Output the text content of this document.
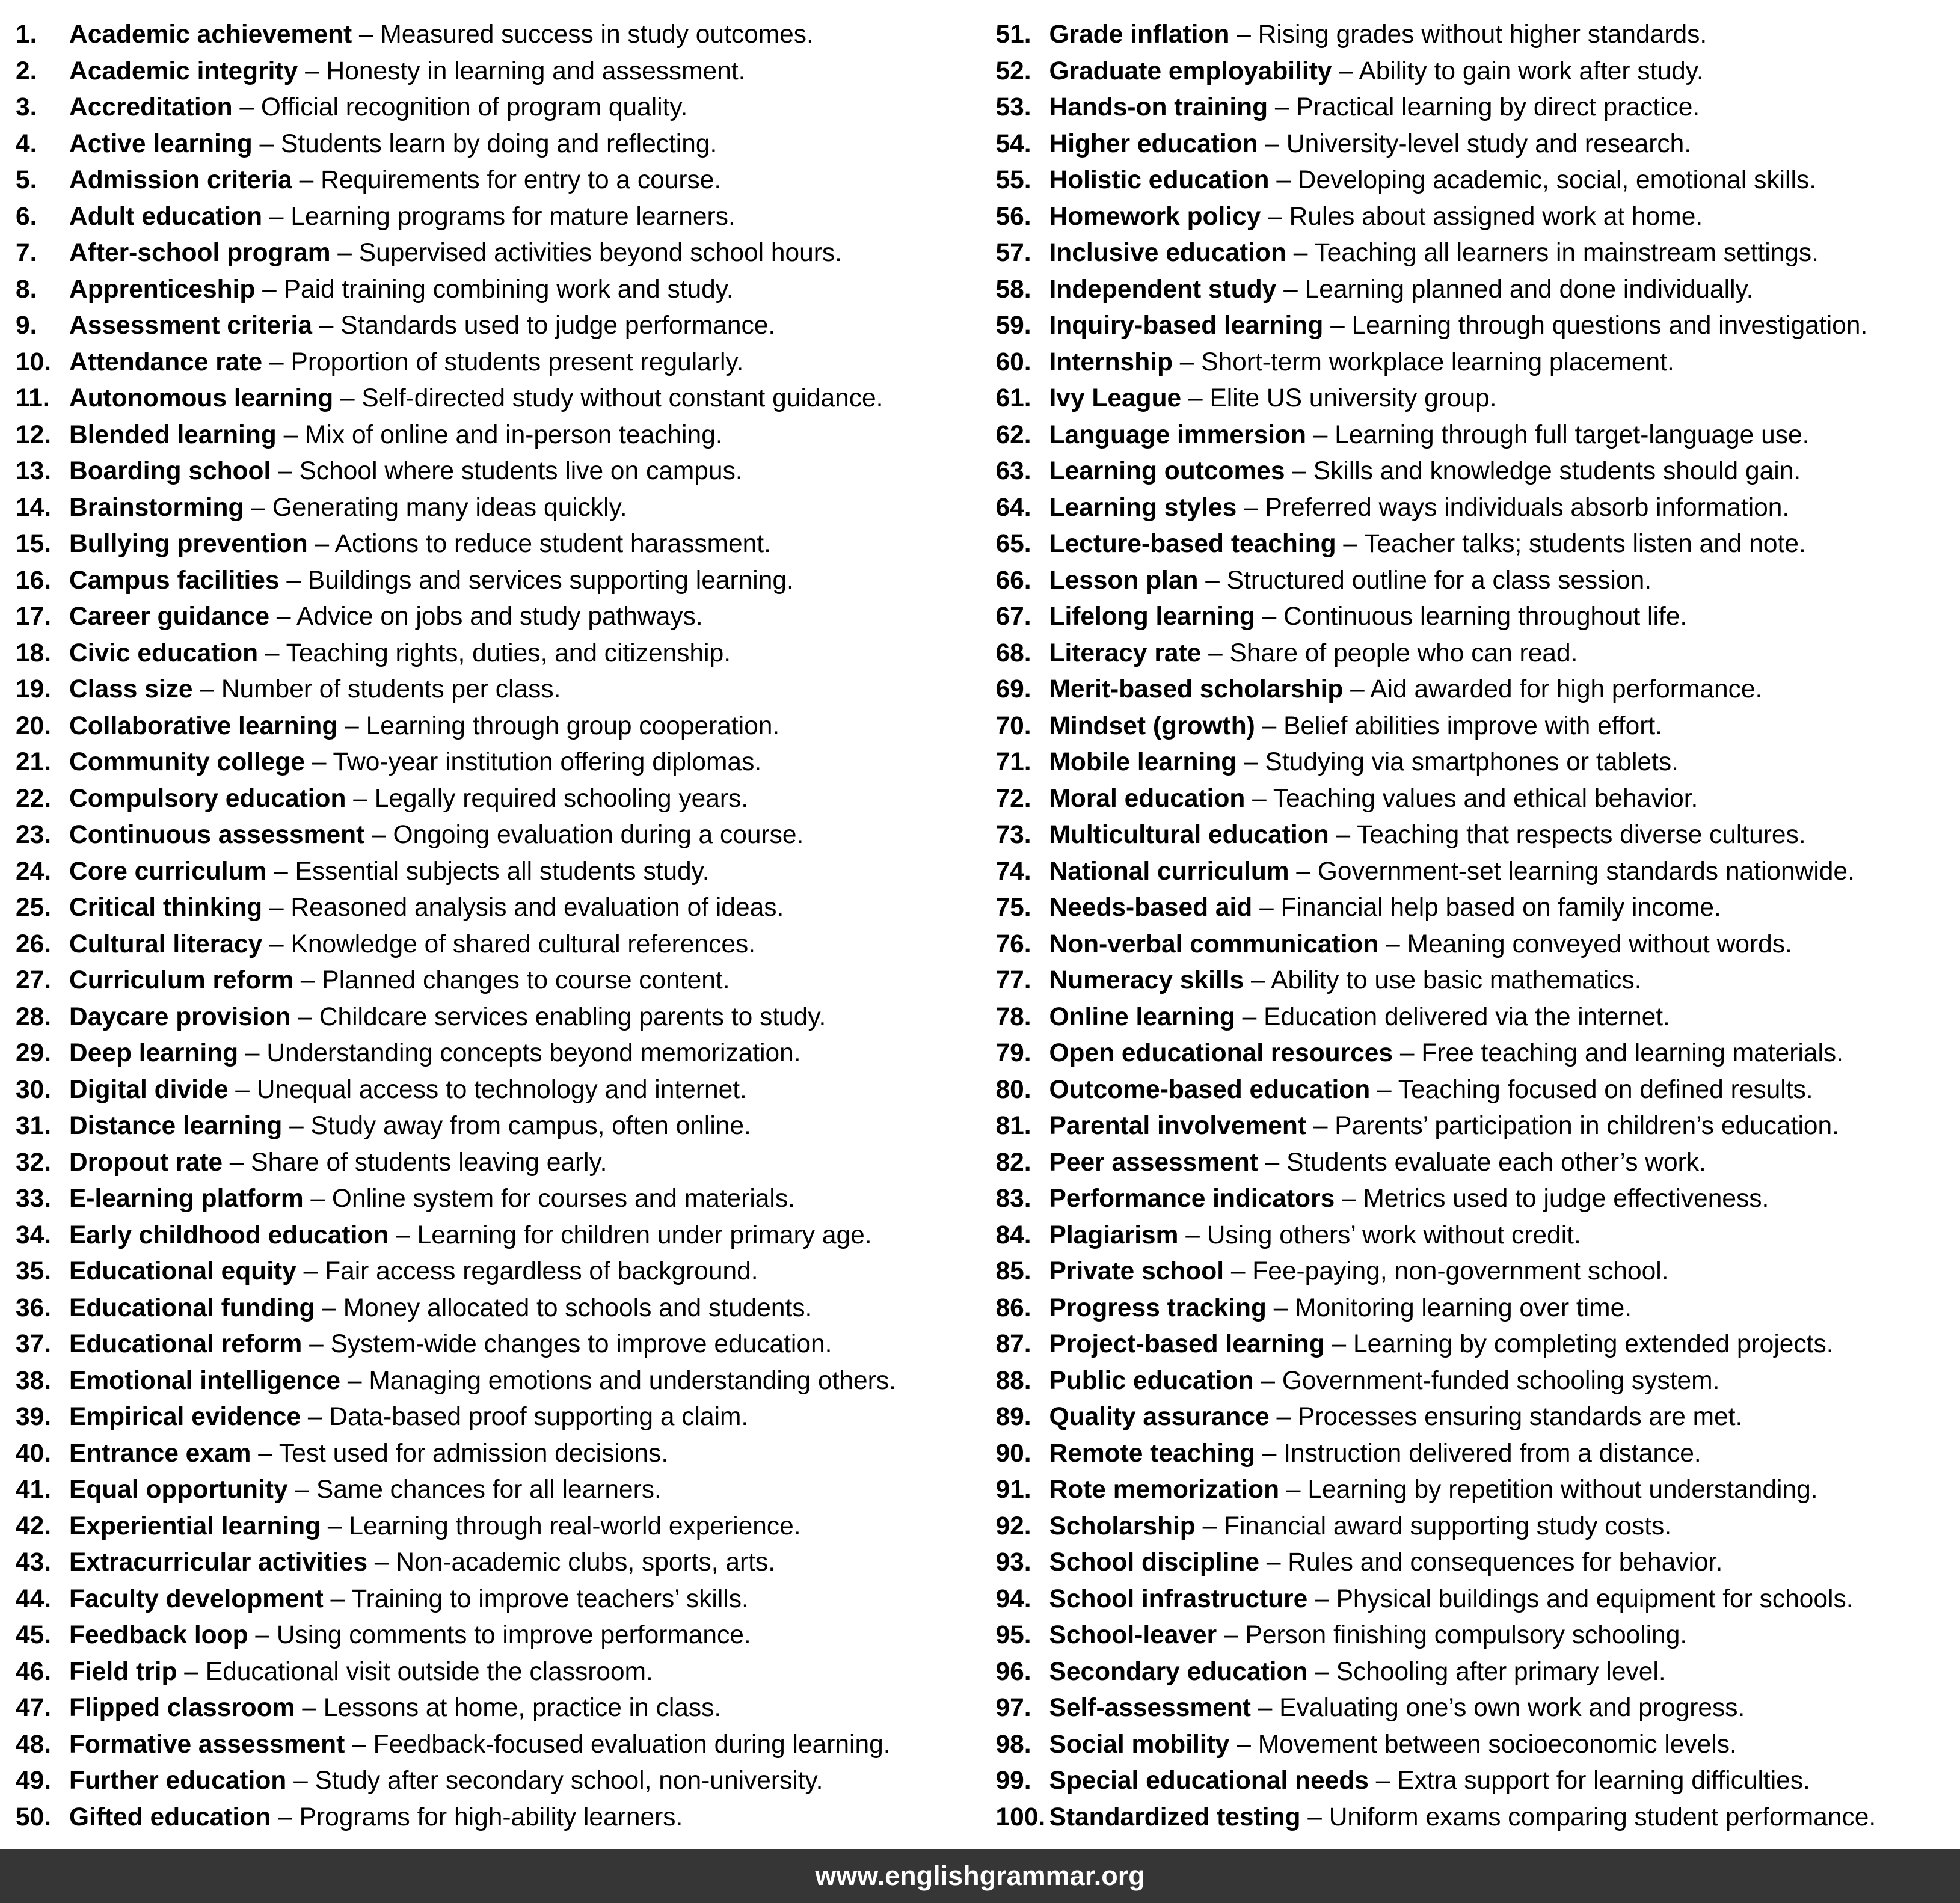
1. Academic achievement – Measured success in study outcomes.
2. Academic integrity – Honesty in learning and assessment.
3. Accreditation – Official recognition of program quality.
4. Active learning – Students learn by doing and reflecting.
5. Admission criteria – Requirements for entry to a course.
6. Adult education – Learning programs for mature learners.
7. After-school program – Supervised activities beyond school hours.
8. Apprenticeship – Paid training combining work and study.
9. Assessment criteria – Standards used to judge performance.
10. Attendance rate – Proportion of students present regularly.
11. Autonomous learning – Self-directed study without constant guidance.
12. Blended learning – Mix of online and in-person teaching.
13. Boarding school – School where students live on campus.
14. Brainstorming – Generating many ideas quickly.
15. Bullying prevention – Actions to reduce student harassment.
16. Campus facilities – Buildings and services supporting learning.
17. Career guidance – Advice on jobs and study pathways.
18. Civic education – Teaching rights, duties, and citizenship.
19. Class size – Number of students per class.
20. Collaborative learning – Learning through group cooperation.
21. Community college – Two-year institution offering diplomas.
22. Compulsory education – Legally required schooling years.
23. Continuous assessment – Ongoing evaluation during a course.
24. Core curriculum – Essential subjects all students study.
25. Critical thinking – Reasoned analysis and evaluation of ideas.
26. Cultural literacy – Knowledge of shared cultural references.
27. Curriculum reform – Planned changes to course content.
28. Daycare provision – Childcare services enabling parents to study.
29. Deep learning – Understanding concepts beyond memorization.
30. Digital divide – Unequal access to technology and internet.
31. Distance learning – Study away from campus, often online.
32. Dropout rate – Share of students leaving early.
33. E-learning platform – Online system for courses and materials.
34. Early childhood education – Learning for children under primary age.
35. Educational equity – Fair access regardless of background.
36. Educational funding – Money allocated to schools and students.
37. Educational reform – System-wide changes to improve education.
38. Emotional intelligence – Managing emotions and understanding others.
39. Empirical evidence – Data-based proof supporting a claim.
40. Entrance exam – Test used for admission decisions.
41. Equal opportunity – Same chances for all learners.
42. Experiential learning – Learning through real-world experience.
43. Extracurricular activities – Non-academic clubs, sports, arts.
44. Faculty development – Training to improve teachers’ skills.
45. Feedback loop – Using comments to improve performance.
46. Field trip – Educational visit outside the classroom.
47. Flipped classroom – Lessons at home, practice in class.
48. Formative assessment – Feedback-focused evaluation during learning.
49. Further education – Study after secondary school, non-university.
50. Gifted education – Programs for high-ability learners.
51. Grade inflation – Rising grades without higher standards.
52. Graduate employability – Ability to gain work after study.
53. Hands-on training – Practical learning by direct practice.
54. Higher education – University-level study and research.
55. Holistic education – Developing academic, social, emotional skills.
56. Homework policy – Rules about assigned work at home.
57. Inclusive education – Teaching all learners in mainstream settings.
58. Independent study – Learning planned and done individually.
59. Inquiry-based learning – Learning through questions and investigation.
60. Internship – Short-term workplace learning placement.
61. Ivy League – Elite US university group.
62. Language immersion – Learning through full target-language use.
63. Learning outcomes – Skills and knowledge students should gain.
64. Learning styles – Preferred ways individuals absorb information.
65. Lecture-based teaching – Teacher talks; students listen and note.
66. Lesson plan – Structured outline for a class session.
67. Lifelong learning – Continuous learning throughout life.
68. Literacy rate – Share of people who can read.
69. Merit-based scholarship – Aid awarded for high performance.
70. Mindset (growth) – Belief abilities improve with effort.
71. Mobile learning – Studying via smartphones or tablets.
72. Moral education – Teaching values and ethical behavior.
73. Multicultural education – Teaching that respects diverse cultures.
74. National curriculum – Government-set learning standards nationwide.
75. Needs-based aid – Financial help based on family income.
76. Non-verbal communication – Meaning conveyed without words.
77. Numeracy skills – Ability to use basic mathematics.
78. Online learning – Education delivered via the internet.
79. Open educational resources – Free teaching and learning materials.
80. Outcome-based education – Teaching focused on defined results.
81. Parental involvement – Parents’ participation in children’s education.
82. Peer assessment – Students evaluate each other’s work.
83. Performance indicators – Metrics used to judge effectiveness.
84. Plagiarism – Using others’ work without credit.
85. Private school – Fee-paying, non-government school.
86. Progress tracking – Monitoring learning over time.
87. Project-based learning – Learning by completing extended projects.
88. Public education – Government-funded schooling system.
89. Quality assurance – Processes ensuring standards are met.
90. Remote teaching – Instruction delivered from a distance.
91. Rote memorization – Learning by repetition without understanding.
92. Scholarship – Financial award supporting study costs.
93. School discipline – Rules and consequences for behavior.
94. School infrastructure – Physical buildings and equipment for schools.
95. School-leaver – Person finishing compulsory schooling.
96. Secondary education – Schooling after primary level.
97. Self-assessment – Evaluating one’s own work and progress.
98. Social mobility – Movement between socioeconomic levels.
99. Special educational needs – Extra support for learning difficulties.
100. Standardized testing – Uniform exams comparing student performance.
www.englishgrammar.org
